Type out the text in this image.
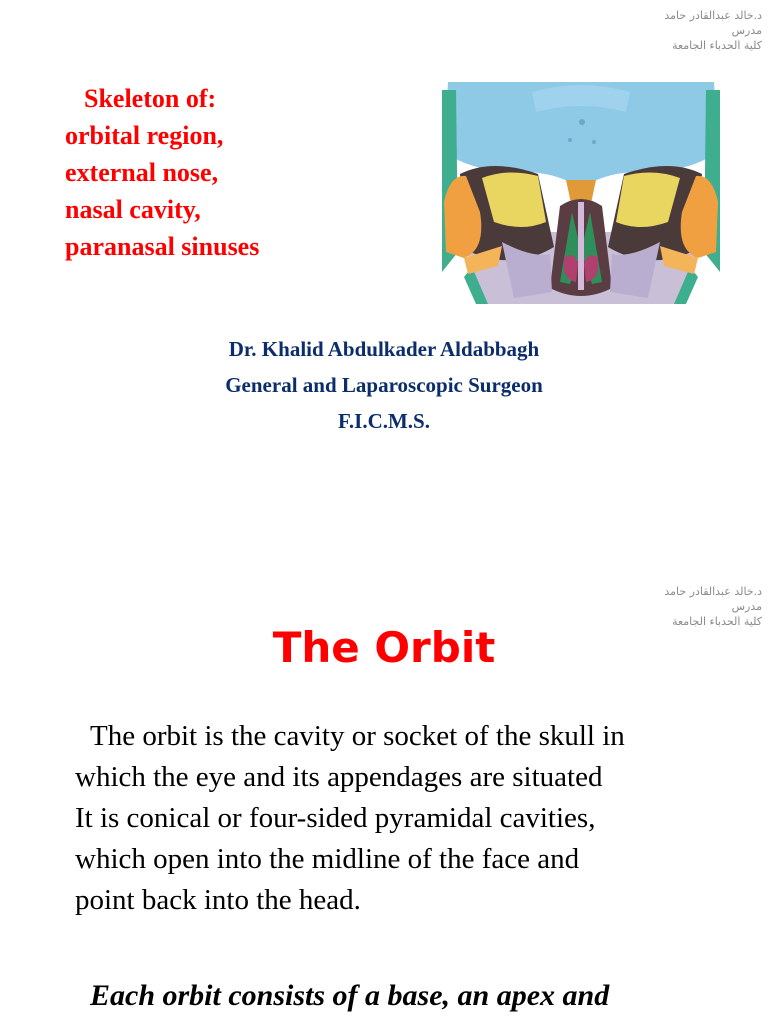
د.خالد عبدالقادر حامد
مدرس
كلية الحدباء الجامعة
Skeleton of:
orbital region,
external nose,
nasal cavity,
paranasal sinuses
Dr. Khalid Abdulkader Aldabbagh
General and Laparoscopic Surgeon
F.I.C.M.S.
د.خالد عبدالقادر حامد
مدرس
كلية الحدباء الجامعة
The Orbit
The orbit is the cavity or socket of the skull in
which the eye and its appendages are situated
It is conical or four-sided pyramidal cavities,
which open into the midline of the face and
point back into the head.
Each orbit consists of a base, an apex and
